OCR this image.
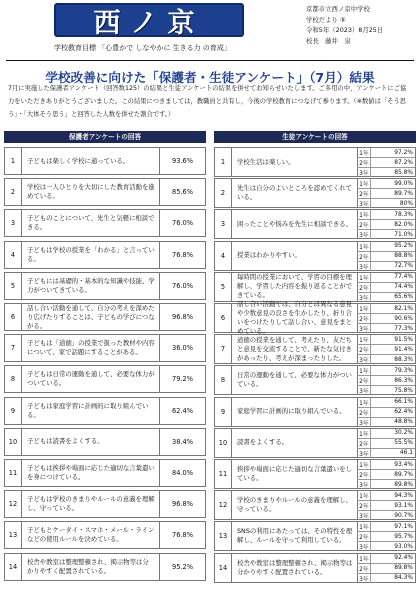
西ノ京
学校教育目標 「心豊かで しなやかに 生きる力 の育成」
京都市立西ノ京中学校
学校だより ⑤
令和5年（2023）8月25日
校長　藤井　泉
学校改善に向けた「保護者・生徒アンケート」（7月）結果
7月に実施した保護者アンケート（回答数125）の結果と生徒アンケートの結果を併せてお知らせいたします。ご多用の中，アンケートにご協力をいただきありがとうございました。この結果につきましては，教職員と共有し，今後の学校教育につなげて参ります。（※数値は「そう思う」・「大体そう思う」と回答した人数を併せた割合です。）
保護者アンケートの回答	生徒アンケートの回答
1	子どもは楽しく学校に通っている。	93.6%
2
学校は一人ひとりを大切にした教育活動を進めている。	85.6%
3
子どものことについて、先生と気軽に相談できる。	76.0%
4
子どもは学校の授業を「わかる」と言っている。	76.8%
5
子どもには基礎的・基本的な知識や技能、学力がついてきている。	76.0%
6
話し合い活動を通して、自分の考えを深めたり広げたりすることは、子どもの学びにつながる。
96.8%
7
子どもは「道徳」の授業で扱った教材や内容について、家で話題にすることがある。	36.0%
8
子どもは日常の運動を通して、必要な体力がついている。	79.2%
9
子どもは家庭学習に計画的に取り組んでいる。	62.4%
10	子どもは読書をよくする。	38.4%
11
子どもは挨拶や場面に応じた適切な言葉遣いを身につけている。	84.0%
12
子どもは学校のきまりやルールの意義を理解し、守っている。	96.8%
13
子どもとケータイ・スマホ・メール・ラインなどの使用ルールを決めている。	76.8%
14
校舎や教室は整理整頓され、掲示物等は分かりやすく配置されている。	95.2%
1	学校生活は楽しい。
1年	97.2%
2年	87.2%
3年	85.8%
2
先生は自分のよいところを認めてくれている。
1年	99.0%
2年	89.7%
3年	80%
3	困ったことや悩みを先生に相談できる。
1年	78.3%
2年	82.0%
3年	71.0%
4	授業はわかりやすい。
1年	95.2%
2年	88.8%
3年	72.7%
5
毎時間の授業において、学習の目標を理解し、学習した内容を振り返ることができている。
1年	77.4%
2年	74.4%
3年	65.6%
6
話し合い活動では、自分とは異なる意見や少数意見の良さを生かしたり、折り合いをつけたりして話し合い、意見をまとめている。
1年	82.1%
2年	90.6%
3年	77.3%
7
道徳の授業を通して、考えたり、友だちと意見を交流することで、新たな気付きがあったり、考えが深まったりした。
1年	91.5%
2年	91.4%
3年	88.3%
8
日常の運動を通して、必要な体力がついている。
1年	79.3%
2年	86.3%
3年	75.8%
9	家庭学習に計画的に取り組んでいる。
1年	66.1%
2年	62.4%
3年	48.8%
10	読書をよくする。
1年	30.2%
2年	55.5%
3年	46.1
11
挨拶や場面に応じた適切な言葉遣いをしている。
1年	93.4%
2年	89.7%
3年	89.8%
12
学校のきまりやルールの意義を理解し、守っている。
1年	94.3%
2年	93.1%
3年	90.7%
13
SNSの利用にあたっては、その特性を理解し、ルールを守って利用している。
1年	97.1%
2年	95.7%
3年	93.0%
14
校舎や教室は整理整頓され、掲示物等は分かりやすく配置されている。
1年	92.4%
2年	89.8%
3年	84.3%
